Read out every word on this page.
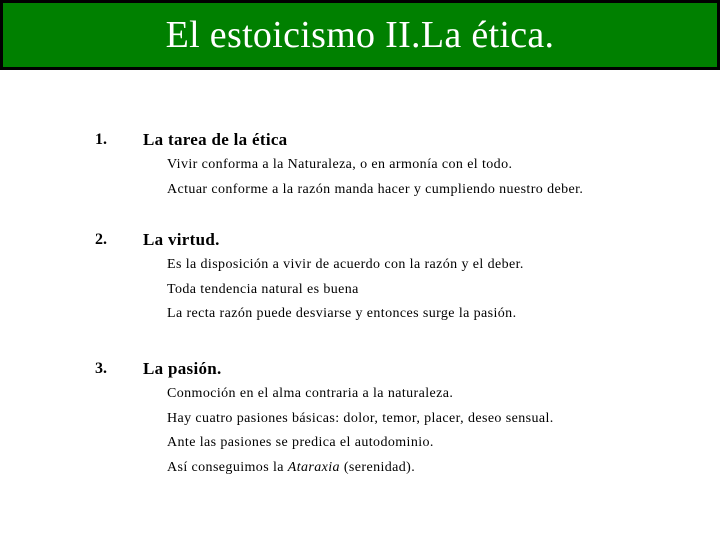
El estoicismo II.La ética.
1. La tarea de la ética
Vivir conforma a la Naturaleza, o en armonía con el todo.
Actuar conforme a la razón manda hacer y cumpliendo nuestro deber.
2. La virtud.
Es la disposición a vivir de acuerdo con la razón y el deber.
Toda tendencia natural es buena
La recta razón puede desviarse y entonces surge la pasión.
3. La pasión.
Conmoción en el alma contraria a la naturaleza.
Hay cuatro pasiones básicas: dolor, temor, placer, deseo sensual.
Ante las pasiones se predica el autodominio.
Así conseguimos la Ataraxia (serenidad).
